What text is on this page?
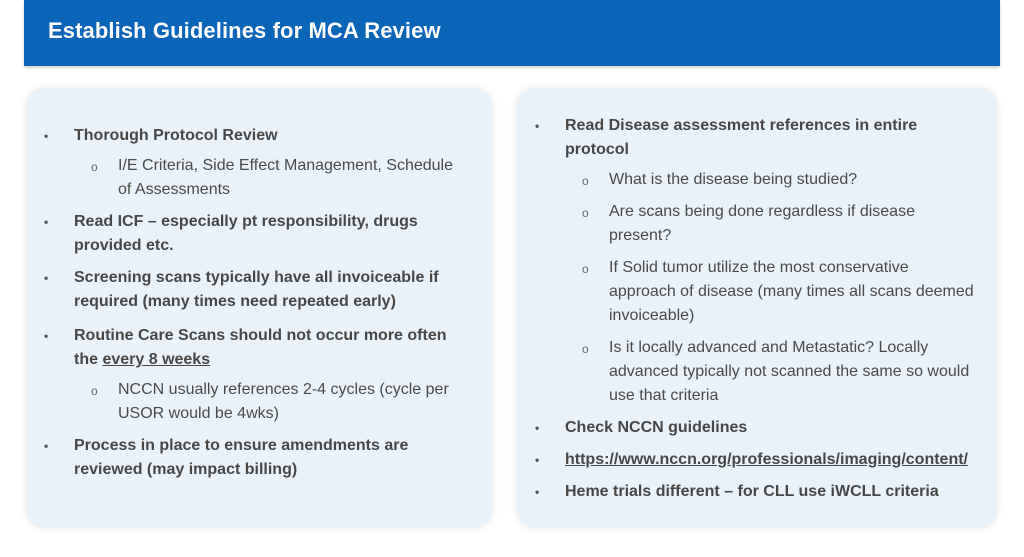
Establish Guidelines for MCA Review
• Thorough Protocol Review
o I/E Criteria, Side Effect Management, Schedule of Assessments
• Read ICF – especially pt responsibility, drugs provided etc.
• Screening scans typically have all invoiceable if required (many times need repeated early)
• Routine Care Scans should not occur more often the every 8 weeks
o NCCN usually references 2-4 cycles (cycle per USOR would be 4wks)
• Process in place to ensure amendments are reviewed (may impact billing)
• Read Disease assessment references in entire protocol
o What is the disease being studied?
o Are scans being done regardless if disease present?
o If Solid tumor utilize the most conservative approach of disease (many times all scans deemed invoiceable)
o Is it locally advanced and Metastatic? Locally advanced typically not scanned the same so would use that criteria
• Check NCCN guidelines
• https://www.nccn.org/professionals/imaging/content/
• Heme trials different – for CLL use iWCLL criteria
